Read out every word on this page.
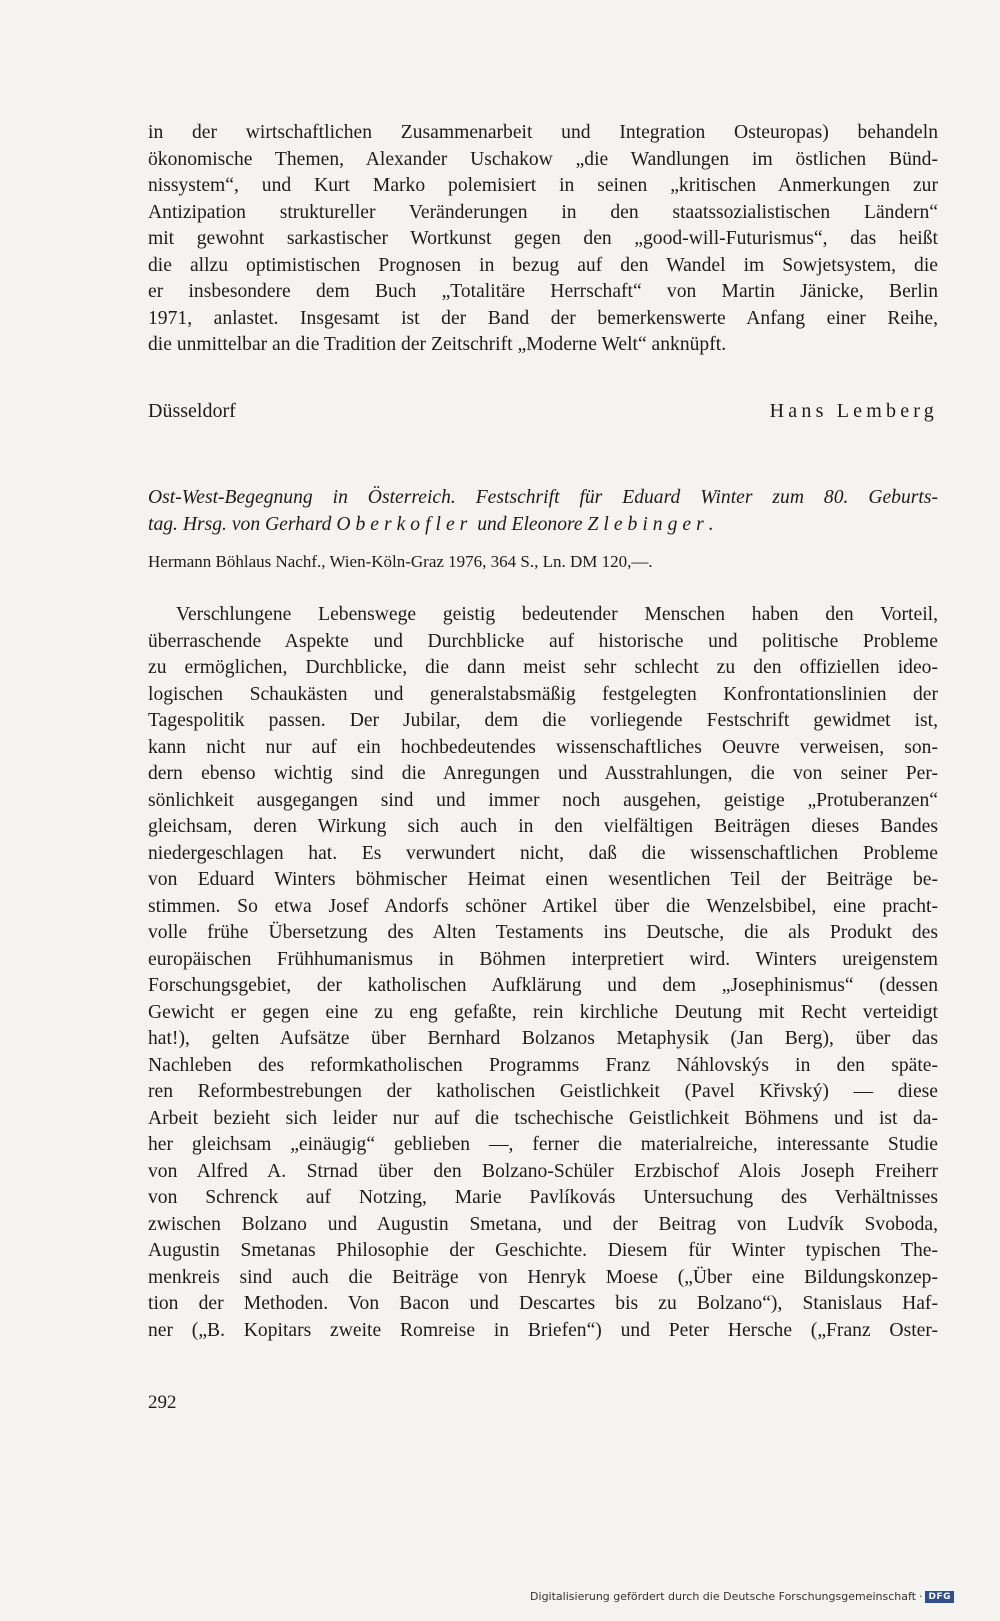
in der wirtschaftlichen Zusammenarbeit und Integration Osteuropas) behandeln
ökonomische Themen, Alexander Uschakow „die Wandlungen im östlichen Bünd-
nissystem“, und Kurt Marko polemisiert in seinen „kritischen Anmerkungen zur
Antizipation struktureller Veränderungen in den staatssozialistischen Ländern“
mit gewohnt sarkastischer Wortkunst gegen den „good-will-Futurismus“, das heißt
die allzu optimistischen Prognosen in bezug auf den Wandel im Sowjetsystem, die
er insbesondere dem Buch „Totalitäre Herrschaft“ von Martin Jänicke, Berlin
1971, anlastet. Insgesamt ist der Band der bemerkenswerte Anfang einer Reihe,
die unmittelbar an die Tradition der Zeitschrift „Moderne Welt“ anknüpft.
Düsseldorf	Hans Lemberg
Ost-West-Begegnung in Österreich. Festschrift für Eduard Winter zum 80. Geburts-
tag. Hrsg. von Gerhard Oberkofler und Eleonore Zlebinger.
Hermann Böhlaus Nachf., Wien-Köln-Graz 1976, 364 S., Ln. DM 120,—.
Verschlungene Lebenswege geistig bedeutender Menschen haben den Vorteil,
überraschende Aspekte und Durchblicke auf historische und politische Probleme
zu ermöglichen, Durchblicke, die dann meist sehr schlecht zu den offiziellen ideo-
logischen Schaukästen und generalstabsmäßig festgelegten Konfrontationslinien der
Tagespolitik passen. Der Jubilar, dem die vorliegende Festschrift gewidmet ist,
kann nicht nur auf ein hochbedeutendes wissenschaftliches Oeuvre verweisen, son-
dern ebenso wichtig sind die Anregungen und Ausstrahlungen, die von seiner Per-
sönlichkeit ausgegangen sind und immer noch ausgehen, geistige „Protuberanzen“
gleichsam, deren Wirkung sich auch in den vielfältigen Beiträgen dieses Bandes
niedergeschlagen hat. Es verwundert nicht, daß die wissenschaftlichen Probleme
von Eduard Winters böhmischer Heimat einen wesentlichen Teil der Beiträge be-
stimmen. So etwa Josef Andorfs schöner Artikel über die Wenzelsbibel, eine pracht-
volle frühe Übersetzung des Alten Testaments ins Deutsche, die als Produkt des
europäischen Frühhumanismus in Böhmen interpretiert wird. Winters ureigenstem
Forschungsgebiet, der katholischen Aufklärung und dem „Josephinismus“ (dessen
Gewicht er gegen eine zu eng gefaßte, rein kirchliche Deutung mit Recht verteidigt
hat!), gelten Aufsätze über Bernhard Bolzanos Metaphysik (Jan Berg), über das
Nachleben des reformkatholischen Programms Franz Náhlovskýs in den späte-
ren Reformbestrebungen der katholischen Geistlichkeit (Pavel Křivský) — diese
Arbeit bezieht sich leider nur auf die tschechische Geistlichkeit Böhmens und ist da-
her gleichsam „einäugig“ geblieben —, ferner die materialreiche, interessante Studie
von Alfred A. Strnad über den Bolzano-Schüler Erzbischof Alois Joseph Freiherr
von Schrenck auf Notzing, Marie Pavlíkovás Untersuchung des Verhältnisses
zwischen Bolzano und Augustin Smetana, und der Beitrag von Ludvík Svoboda,
Augustin Smetanas Philosophie der Geschichte. Diesem für Winter typischen The-
menkreis sind auch die Beiträge von Henryk Moese („Über eine Bildungskonzep-
tion der Methoden. Von Bacon und Descartes bis zu Bolzano“), Stanislaus Haf-
ner („B. Kopitars zweite Romreise in Briefen“) und Peter Hersche („Franz Oster-
292
Digitalisierung gefördert durch die Deutsche Forschungsgemeinschaft · DFG
